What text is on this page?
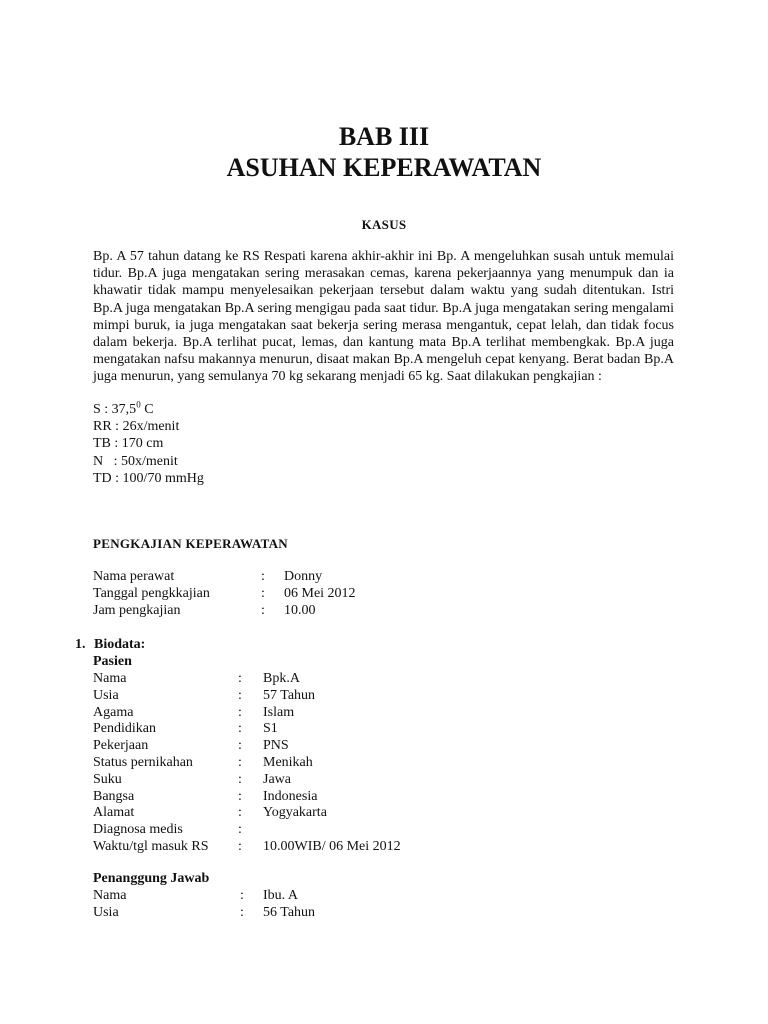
BAB III
ASUHAN KEPERAWATAN
KASUS

Bp. A 57 tahun datang ke RS Respati karena akhir-akhir ini Bp. A mengeluhkan susah untuk memulai tidur. Bp.A juga mengatakan sering merasakan cemas, karena pekerjaannya yang menumpuk dan ia khawatir tidak mampu menyelesaikan pekerjaan tersebut dalam waktu yang sudah ditentukan. Istri Bp.A juga mengatakan Bp.A sering mengigau pada saat tidur. Bp.A juga mengatakan sering mengalami mimpi buruk, ia juga mengatakan saat bekerja sering merasa mengantuk, cepat lelah, dan tidak focus dalam bekerja. Bp.A terlihat pucat, lemas, dan kantung mata Bp.A terlihat membengkak. Bp.A juga mengatakan nafsu makannya menurun, disaat makan Bp.A mengeluh cepat kenyang. Berat badan Bp.A juga menurun, yang semulanya 70 kg sekarang menjadi 65 kg. Saat dilakukan pengkajian :

S : 37,5$^0$ C
RR : 26x/menit
TB : 170 cm
N   : 50x/menit
TD : 100/70 mmHg
PENGKAJIAN KEPERAWATAN
Nama perawat	: Donny
Tanggal pengkkajian	: 06 Mei 2012
Jam pengkajian	: 10.00
1. Biodata:
Pasien
Nama	: Bpk.A
Usia	: 57 Tahun
Agama	: Islam
Pendidikan	: S1
Pekerjaan	: PNS
Status pernikahan	: Menikah
Suku	: Jawa
Bangsa	: Indonesia
Alamat	: Yogyakarta
Diagnosa medis	:
Waktu/tgl masuk RS : 10.00WIB/ 06 Mei 2012
Penanggung Jawab
Nama	: Ibu. A
Usia	: 56 Tahun
